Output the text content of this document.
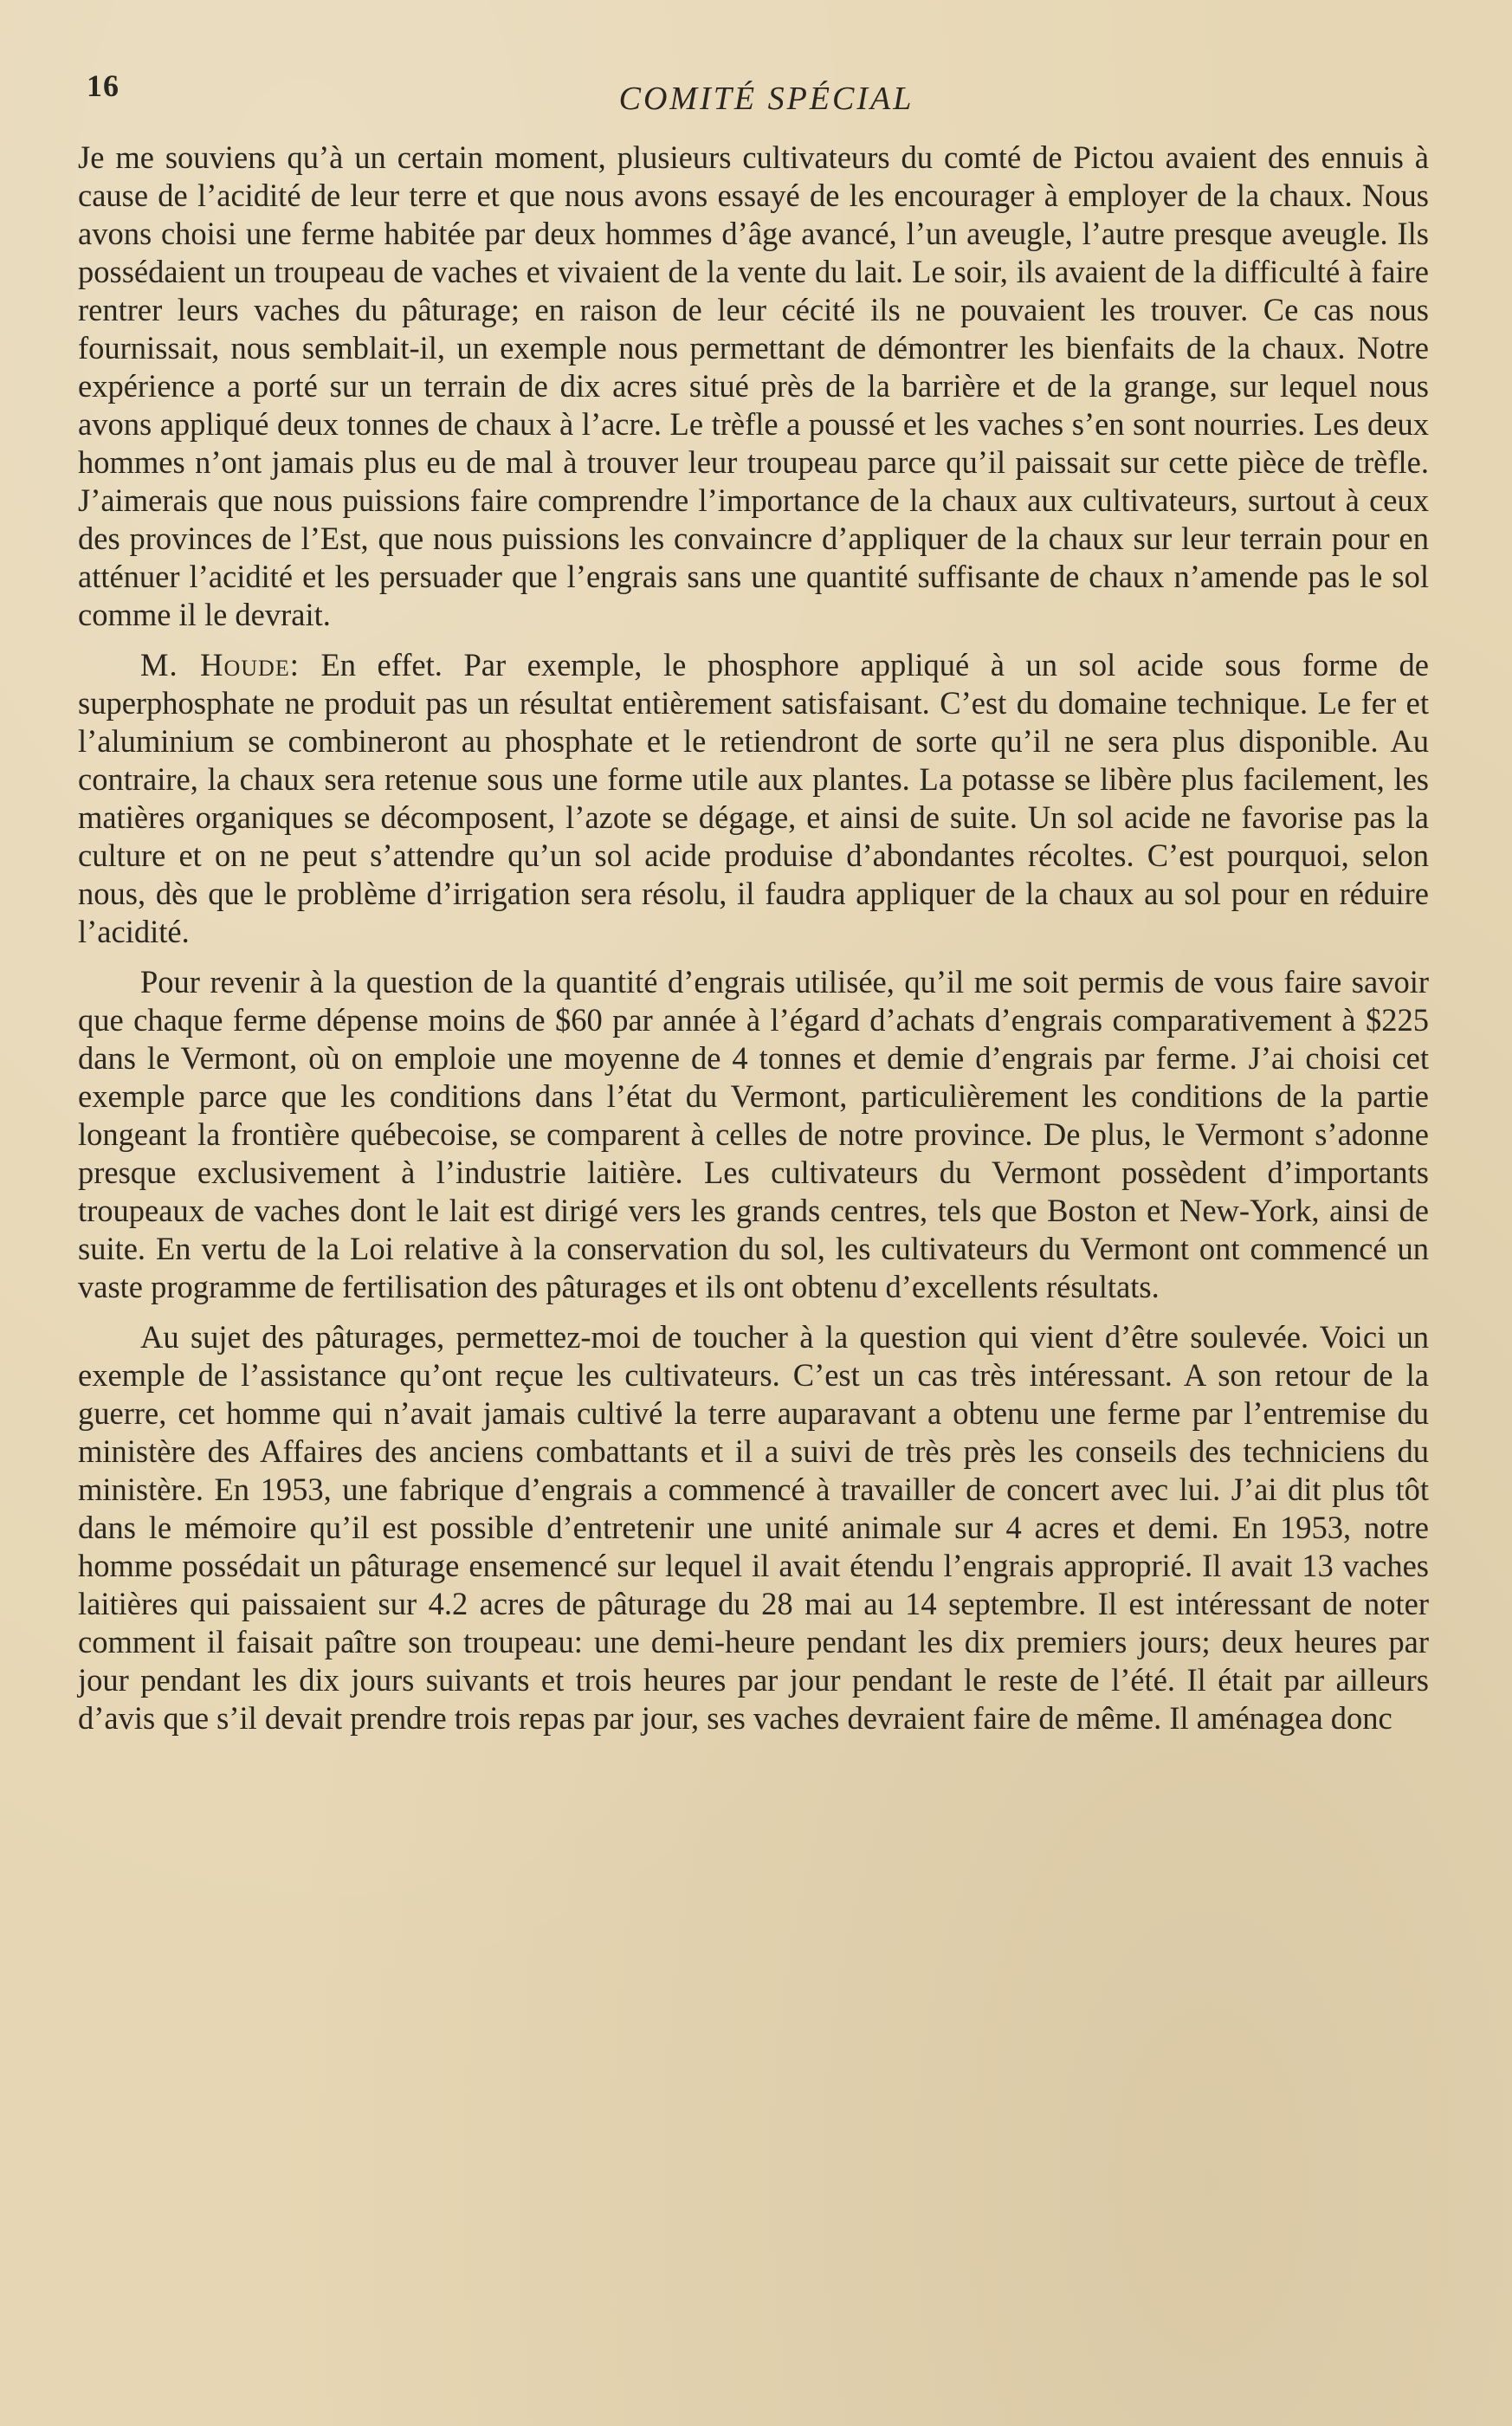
16	COMITÉ SPÉCIAL

Je me souviens qu’à un certain moment, plusieurs cultivateurs du comté de Pictou avaient des ennuis à cause de l’acidité de leur terre et que nous avons essayé de les encourager à employer de la chaux. Nous avons choisi une ferme habitée par deux hommes d’âge avancé, l’un aveugle, l’autre presque aveugle. Ils possédaient un troupeau de vaches et vivaient de la vente du lait. Le soir, ils avaient de la difficulté à faire rentrer leurs vaches du pâturage; en raison de leur cécité ils ne pouvaient les trouver. Ce cas nous fournissait, nous semblait-il, un exemple nous permettant de démontrer les bienfaits de la chaux. Notre expérience a porté sur un terrain de dix acres situé près de la barrière et de la grange, sur lequel nous avons appliqué deux tonnes de chaux à l’acre. Le trèfle a poussé et les vaches s’en sont nourries. Les deux hommes n’ont jamais plus eu de mal à trouver leur troupeau parce qu’il paissait sur cette pièce de trèfle. J’aimerais que nous puissions faire comprendre l’importance de la chaux aux cultivateurs, surtout à ceux des provinces de l’Est, que nous puissions les convaincre d’appliquer de la chaux sur leur terrain pour en atténuer l’acidité et les persuader que l’engrais sans une quantité suffisante de chaux n’amende pas le sol comme il le devrait.

M. Houde: En effet. Par exemple, le phosphore appliqué à un sol acide sous forme de superphosphate ne produit pas un résultat entièrement satisfaisant. C’est du domaine technique. Le fer et l’aluminium se combineront au phosphate et le retiendront de sorte qu’il ne sera plus disponible. Au contraire, la chaux sera retenue sous une forme utile aux plantes. La potasse se libère plus facilement, les matières organiques se décomposent, l’azote se dégage, et ainsi de suite. Un sol acide ne favorise pas la culture et on ne peut s’attendre qu’un sol acide produise d’abondantes récoltes. C’est pourquoi, selon nous, dès que le problème d’irrigation sera résolu, il faudra appliquer de la chaux au sol pour en réduire l’acidité.

Pour revenir à la question de la quantité d’engrais utilisée, qu’il me soit permis de vous faire savoir que chaque ferme dépense moins de $60 par année à l’égard d’achats d’engrais comparativement à $225 dans le Vermont, où on emploie une moyenne de 4 tonnes et demie d’engrais par ferme. J’ai choisi cet exemple parce que les conditions dans l’état du Vermont, particulièrement les conditions de la partie longeant la frontière québecoise, se comparent à celles de notre province. De plus, le Vermont s’adonne presque exclusivement à l’industrie laitière. Les cultivateurs du Vermont possèdent d’importants troupeaux de vaches dont le lait est dirigé vers les grands centres, tels que Boston et New-York, ainsi de suite. En vertu de la Loi relative à la conservation du sol, les cultivateurs du Vermont ont commencé un vaste programme de fertilisation des pâturages et ils ont obtenu d’excellents résultats.

Au sujet des pâturages, permettez-moi de toucher à la question qui vient d’être soulevée. Voici un exemple de l’assistance qu’ont reçue les cultivateurs. C’est un cas très intéressant. A son retour de la guerre, cet homme qui n’avait jamais cultivé la terre auparavant a obtenu une ferme par l’entremise du ministère des Affaires des anciens combattants et il a suivi de très près les conseils des techniciens du ministère. En 1953, une fabrique d’engrais a commencé à travailler de concert avec lui. J’ai dit plus tôt dans le mémoire qu’il est possible d’entretenir une unité animale sur 4 acres et demi. En 1953, notre homme possédait un pâturage ensemencé sur lequel il avait étendu l’engrais approprié. Il avait 13 vaches laitières qui paissaient sur 4.2 acres de pâturage du 28 mai au 14 septembre. Il est intéressant de noter comment il faisait paître son troupeau: une demi-heure pendant les dix premiers jours; deux heures par jour pendant les dix jours suivants et trois heures par jour pendant le reste de l’été. Il était par ailleurs d’avis que s’il devait prendre trois repas par jour, ses vaches devraient faire de même. Il aménagea donc
